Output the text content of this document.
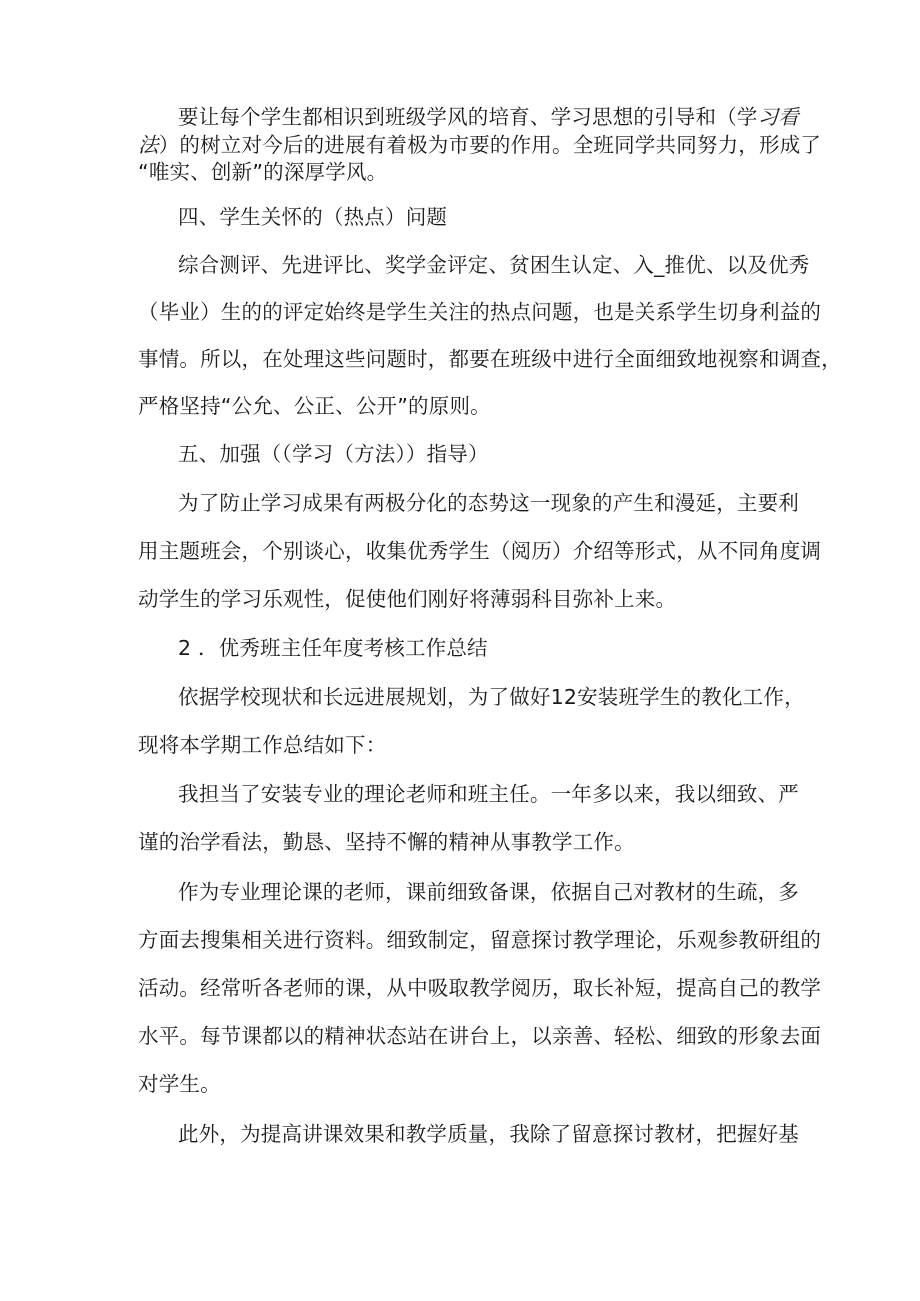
要让每个学生都相识到班级学风的培育、学习思想的引导和（学习看
法）的树立对今后的进展有着极为市要的作用。全班同学共同努力，形成了
“唯实、创新”的深厚学风。
四、学生关怀的（热点）问题
综合测评、先进评比、奖学金评定、贫困生认定、入_推优、以及优秀
（毕业）生的的评定始终是学生关注的热点问题，也是关系学生切身利益的
事情。所以，在处理这些问题时，都要在班级中进行全面细致地视察和调查，
严格坚持“公允、公正、公开”的原则。
五、加强（（学习（方法））指导）
为了防止学习成果有两极分化的态势这一现象的产生和漫延，主要利
用主题班会，个别谈心，收集优秀学生（阅历）介绍等形式，从不同角度调
动学生的学习乐观性，促使他们刚好将薄弱科目弥补上来。
2 ．优秀班主任年度考核工作总结
依据学校现状和长远进展规划，为了做好12安装班学生的教化工作，
现将本学期工作总结如下：
我担当了安装专业的理论老师和班主任。一年多以来，我以细致、严
谨的治学看法，勤恳、坚持不懈的精神从事教学工作。
作为专业理论课的老师，课前细致备课，依据自己对教材的生疏，多
方面去搜集相关进行资料。细致制定，留意探讨教学理论，乐观参教研组的
活动。经常听各老师的课，从中吸取教学阅历，取长补短，提高自己的教学
水平。每节课都以的精神状态站在讲台上，以亲善、轻松、细致的形象去面
对学生。
此外，为提高讲课效果和教学质量，我除了留意探讨教材，把握好基
